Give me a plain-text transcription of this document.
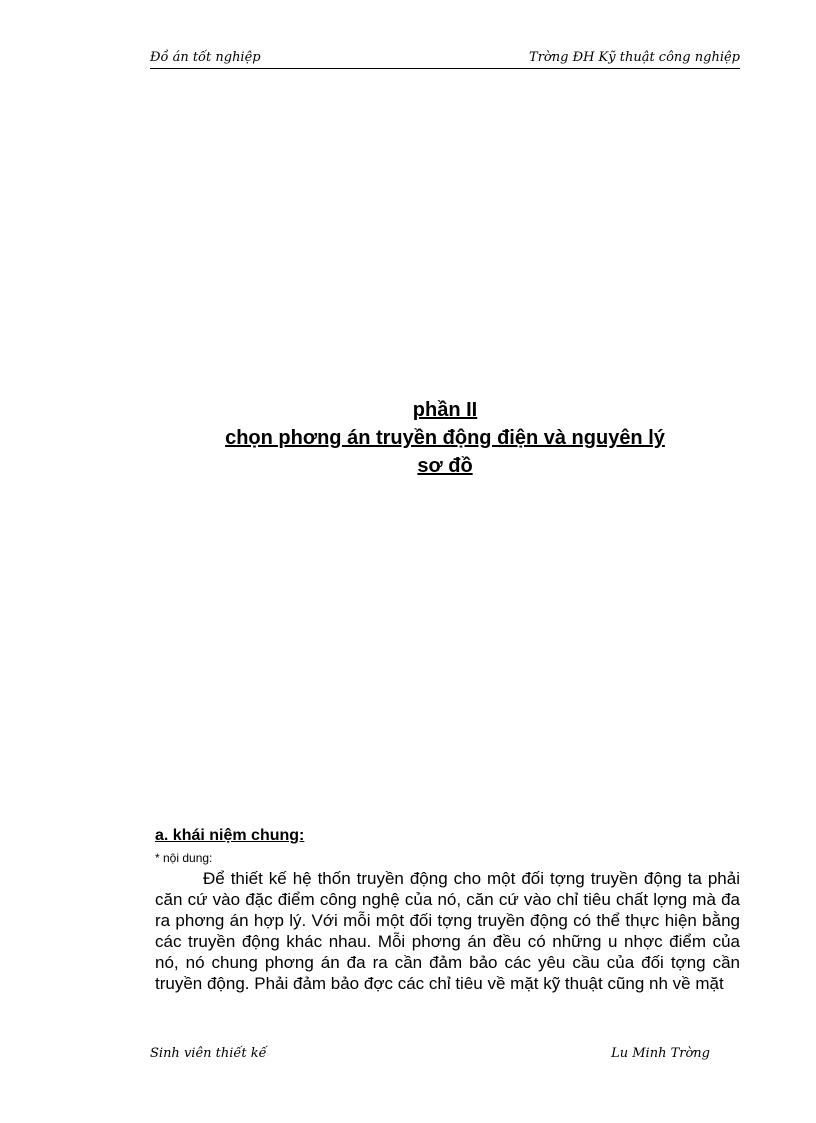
Đồ án tốt nghiệp	Trờng ĐH Kỹ thuật công nghiệp
phần II
chọn phơng án truyền động điện và nguyên lý
sơ đồ

a. khái niệm chung:

* nội dung:

Để thiết kế hệ thốn truyền động cho một đối tợng truyền động ta phải căn cứ vào đặc điểm công nghệ của nó, căn cứ vào chỉ tiêu chất lợng mà đa ra phơng án hợp lý. Với mỗi một đối tợng truyền động có thể thực hiện bằng các truyền động khác nhau. Mỗi phơng án đều có những u nhợc điểm của nó, nó chung phơng án đa ra cần đảm bảo các yêu cầu của đối tợng cần truyền động. Phải đảm bảo đợc các chỉ tiêu về mặt kỹ thuật cũng nh về mặt

Sinh viên thiết kế	Lu Minh Trờng
